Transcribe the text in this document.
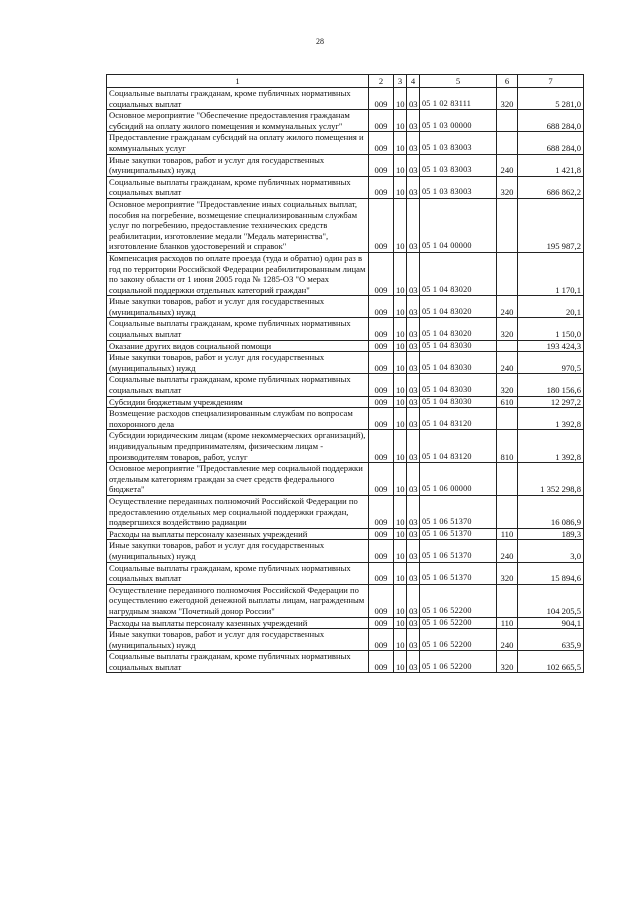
28
1	2	3	4	5	6	7
Социальные выплаты гражданам, кроме публичных нормативных социальных выплат	009	10	03	05 1 02 83111	320	5 281,0
Основное мероприятие "Обеспечение предоставления гражданам субсидий на оплату жилого помещения и коммунальных услуг"	009	10	03	05 1 03 00000		688 284,0
Предоставление гражданам субсидий на оплату жилого помещения и коммунальных услуг	009	10	03	05 1 03 83003		688 284,0
Иные закупки товаров, работ и услуг для государственных (муниципальных) нужд	009	10	03	05 1 03 83003	240	1 421,8
Социальные выплаты гражданам, кроме публичных нормативных социальных выплат	009	10	03	05 1 03 83003	320	686 862,2
Основное мероприятие "Предоставление иных социальных выплат, пособия на погребение, возмещение специализированным службам услуг по погребению, предоставление технических средств реабилитации, изготовление медали "Медаль материнства", изготовление бланков удостоверений и справок"	009	10	03	05 1 04 00000		195 987,2
Компенсация расходов по оплате проезда (туда и обратно) один раз в год по территории Российской Федерации реабилитированным лицам по закону области от 1 июня 2005 года № 1285-ОЗ "О мерах социальной поддержки отдельных категорий граждан"	009	10	03	05 1 04 83020		1 170,1
Иные закупки товаров, работ и услуг для государственных (муниципальных) нужд	009	10	03	05 1 04 83020	240	20,1
Социальные выплаты гражданам, кроме публичных нормативных социальных выплат	009	10	03	05 1 04 83020	320	1 150,0
Оказание других видов социальной помощи	009	10	03	05 1 04 83030		193 424,3
Иные закупки товаров, работ и услуг для государственных (муниципальных) нужд	009	10	03	05 1 04 83030	240	970,5
Социальные выплаты гражданам, кроме публичных нормативных социальных выплат	009	10	03	05 1 04 83030	320	180 156,6
Субсидии бюджетным учреждениям	009	10	03	05 1 04 83030	610	12 297,2
Возмещение расходов специализированным службам по вопросам похоронного дела	009	10	03	05 1 04 83120		1 392,8
Субсидии юридическим лицам (кроме некоммерческих организаций), индивидуальным предпринимателям, физическим лицам - производителям товаров, работ, услуг	009	10	03	05 1 04 83120	810	1 392,8
Основное мероприятие "Предоставление мер социальной поддержки отдельным категориям граждан за счет средств федерального бюджета"	009	10	03	05 1 06 00000		1 352 298,8
Осуществление переданных полномочий Российской Федерации по предоставлению отдельных мер социальной поддержки граждан, подвергшихся воздействию радиации	009	10	03	05 1 06 51370		16 086,9
Расходы на выплаты персоналу казенных учреждений	009	10	03	05 1 06 51370	110	189,3
Иные закупки товаров, работ и услуг для государственных (муниципальных) нужд	009	10	03	05 1 06 51370	240	3,0
Социальные выплаты гражданам, кроме публичных нормативных социальных выплат	009	10	03	05 1 06 51370	320	15 894,6
Осуществление переданного полномочия Российской Федерации по осуществлению ежегодной денежной выплаты лицам, награжденным нагрудным знаком "Почетный донор России"	009	10	03	05 1 06 52200		104 205,5
Расходы на выплаты персоналу казенных учреждений	009	10	03	05 1 06 52200	110	904,1
Иные закупки товаров, работ и услуг для государственных (муниципальных) нужд	009	10	03	05 1 06 52200	240	635,9
Социальные выплаты гражданам, кроме публичных нормативных социальных выплат	009	10	03	05 1 06 52200	320	102 665,5
